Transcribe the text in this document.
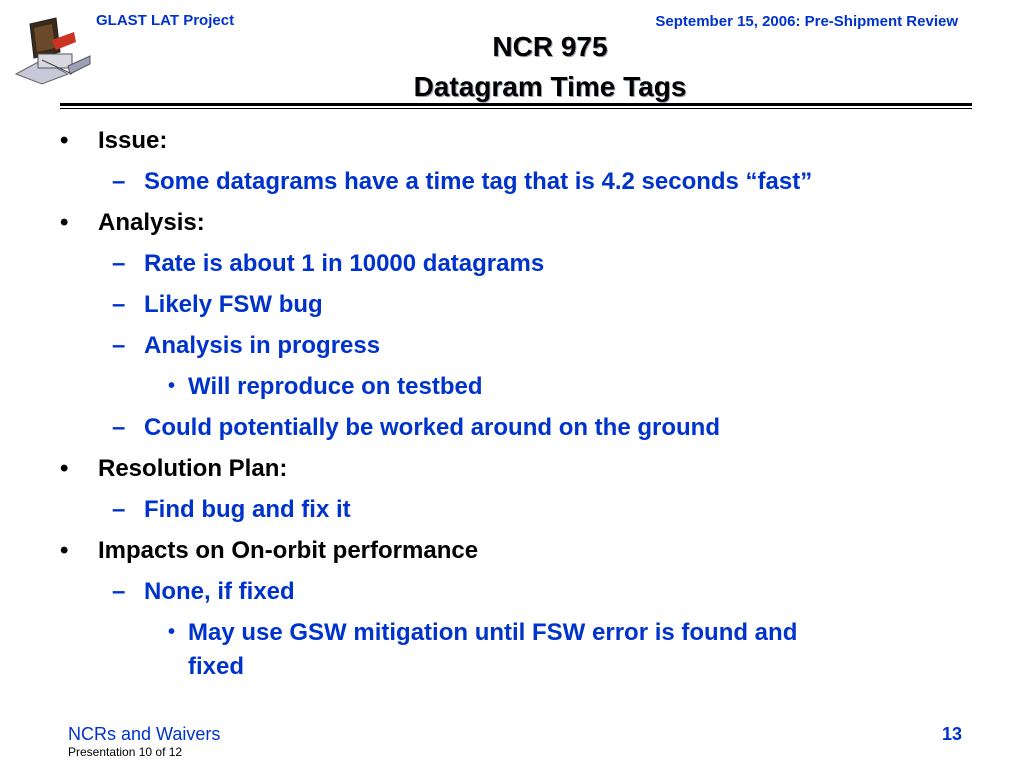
GLAST LAT Project	September 15, 2006: Pre-Shipment Review
NCR 975
Datagram Time Tags
• Issue:
– Some datagrams have a time tag that is 4.2 seconds “fast”
• Analysis:
– Rate is about 1 in 10000 datagrams
– Likely FSW bug
– Analysis in progress
• Will reproduce on testbed
– Could potentially be worked around on the ground
• Resolution Plan:
– Find bug and fix it
• Impacts on On-orbit performance
– None, if fixed
• May use GSW mitigation until FSW error is found and
fixed
NCRs and Waivers
Presentation 10 of 12
13
